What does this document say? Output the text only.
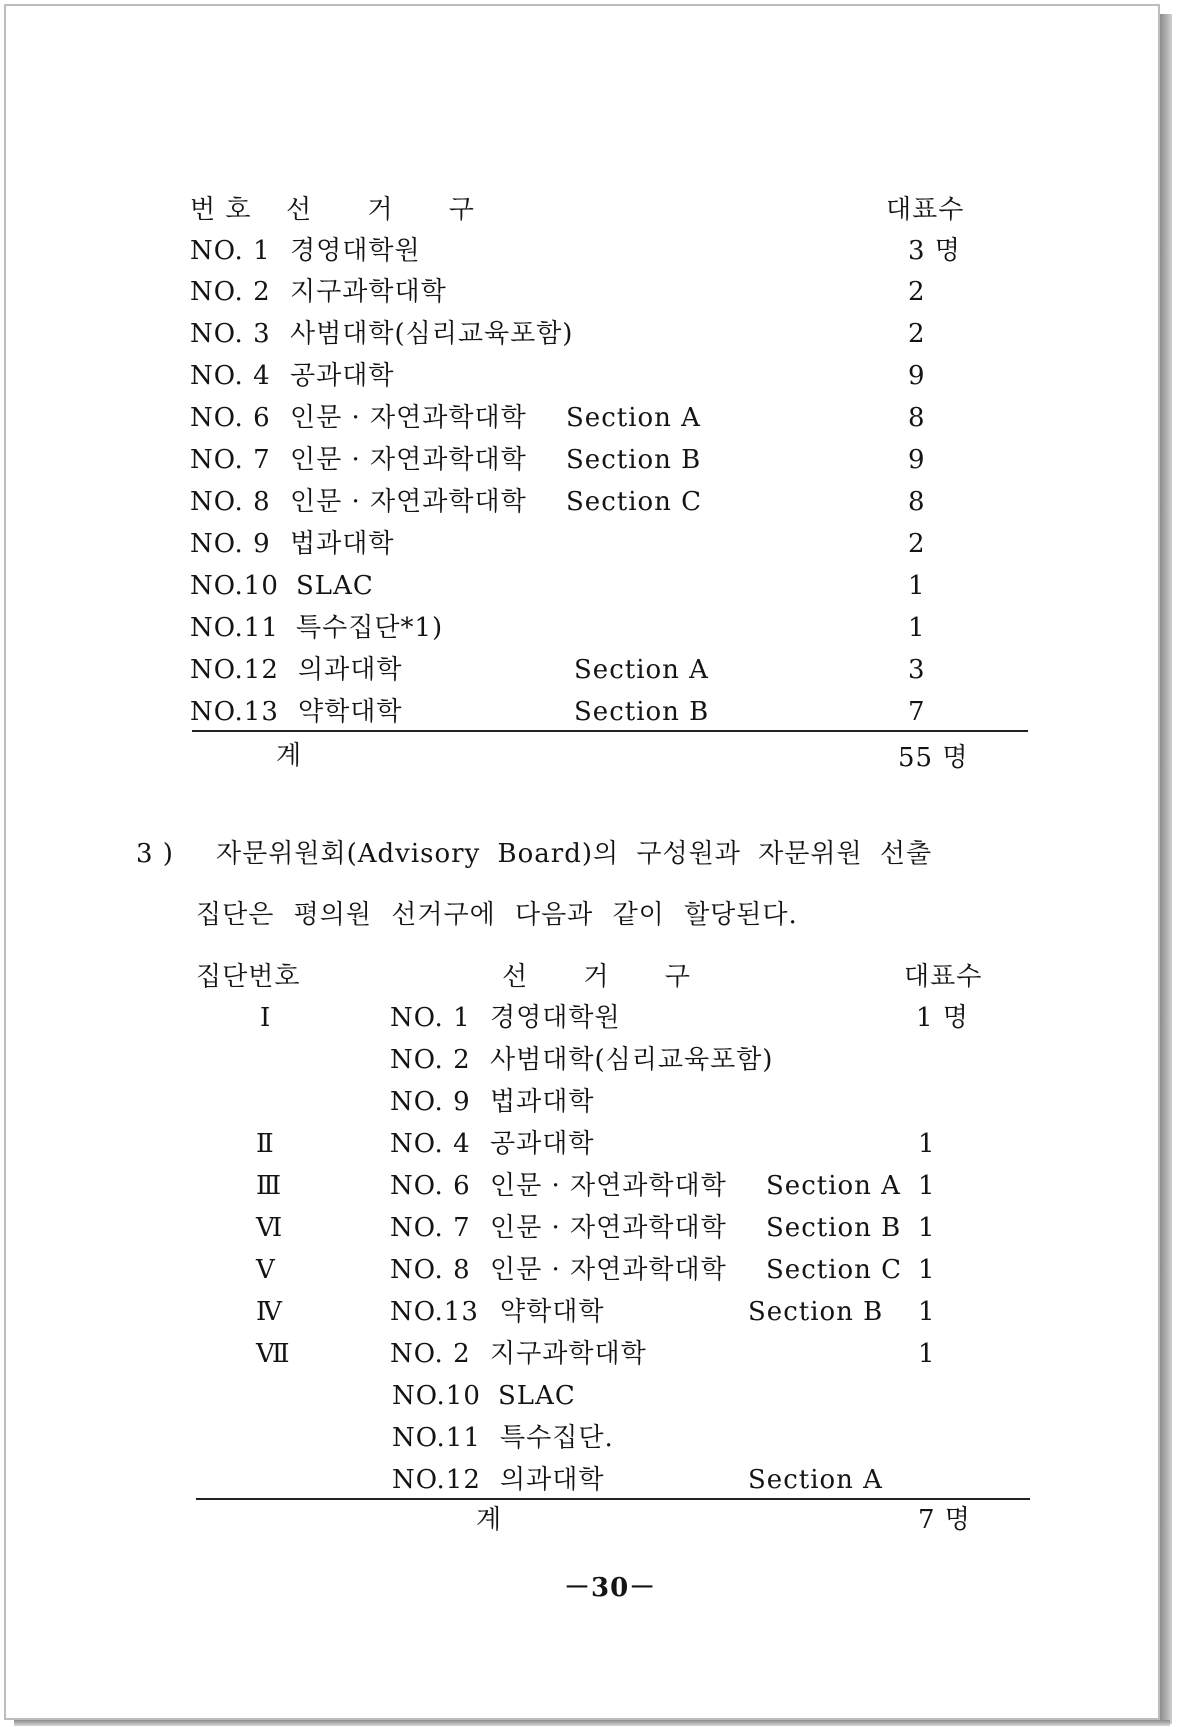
번 호 선 거 구	대표수
NO. 1 경영대학원	3 명
NO. 2 지구과학대학	2
NO. 3 사범대학(심리교육포함)	2
NO. 4 공과대학	9
NO. 6 인문 · 자연과학대학 Section A	8
NO. 7 인문 · 자연과학대학 Section B	9
NO. 8 인문 · 자연과학대학 Section C	8
NO. 9 법과대학	2
NO.10 SLAC	1
NO.11 특수집단*1)	1
NO.12 의과대학	Section A	3
NO.13 약학대학	Section B	7
계	55 명
3 ) 자문위원회(Advisory Board)의 구성원과 자문위원 선출
집단은 평의원 선거구에 다음과 같이 할당된다.
집단번호	선 거 구	대표수
I	NO. 1 경영대학원	1 명
NO. 2 사범대학(심리교육포함)
NO. 9 법과대학
Ⅱ	NO. 4 공과대학	1
Ⅲ	NO. 6 인문 · 자연과학대학 Section A 1
Ⅵ	NO. 7 인문 · 자연과학대학 Section B 1
Ⅴ	NO. 8 인문 · 자연과학대학 Section C 1
Ⅳ	NO.13 약학대학	Section B 1
Ⅶ	NO. 2 지구과학대학	1
NO.10 SLAC
NO.11 특수집단.
NO.12 의과대학	Section A
계	7 명
－30－
